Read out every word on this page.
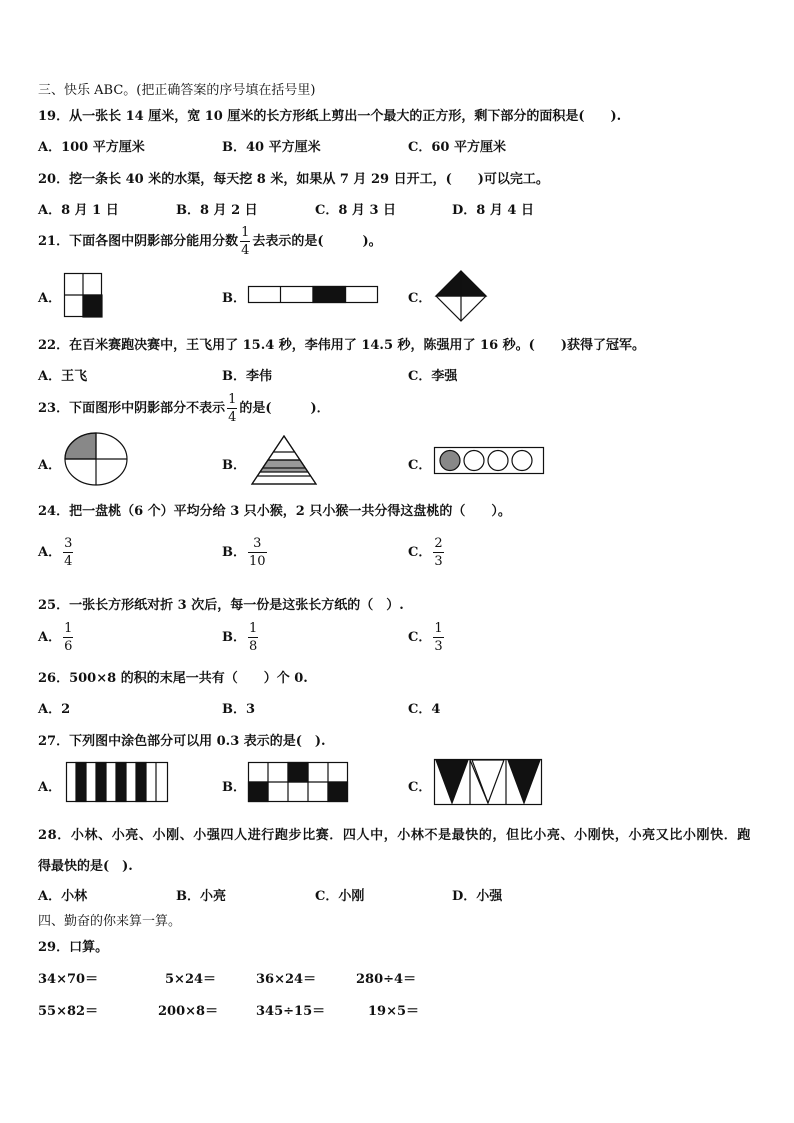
三、快乐 ABC。(把正确答案的序号填在括号里)
19．从一张长 14 厘米，宽 10 厘米的长方形纸上剪出一个最大的正方形，剩下部分的面积是(　　).
A．100 平方厘米	B．40 平方厘米	C．60 平方厘米
20．挖一条长 40 米的水渠，每天挖 8 米，如果从 7 月 29 日开工，(　　)可以完工。
A．8 月 1 日	B．8 月 2 日	C．8 月 3 日	D．8 月 4 日
21．下面各图中阴影部分能用分数 $\frac{1}{4}$ 去表示的是(　　　)。
A．	B．	C．
22．在百米赛跑决赛中，王飞用了 15.4 秒，李伟用了 14.5 秒，陈强用了 16 秒。(　　)获得了冠军。
A．王飞	B．李伟	C．李强
23．下面图形中阴影部分不表示 $\frac{1}{4}$ 的是(　　　)．
A．	B．	C．
24．把一盘桃（6 个）平均分给 3 只小猴，2 只小猴一共分得这盘桃的（　　）。
A． $\frac{3}{4}$	B． $\frac{3}{10}$	C． $\frac{2}{3}$
25．一张长方形纸对折 3 次后，每一份是这张长方纸的（　）.
A． $\frac{1}{6}$	B． $\frac{1}{8}$	C． $\frac{1}{3}$
26．500×8 的积的末尾一共有（　　）个 0.
A．2	B．3	C．4
27．下列图中涂色部分可以用 0.3 表示的是(　).
A．	B．	C．
28．小林、小亮、小刚、小强四人进行跑步比赛．四人中，小林不是最快的，但比小亮、小刚快，小亮又比小刚快．跑
得最快的是(　).
A．小林	B．小亮	C．小刚	D．小强
四、勤奋的你来算一算。
29．口算。
34×70＝	5×24＝	36×24＝	280÷4＝
55×82＝	200×8＝	345÷15＝	19×5＝
